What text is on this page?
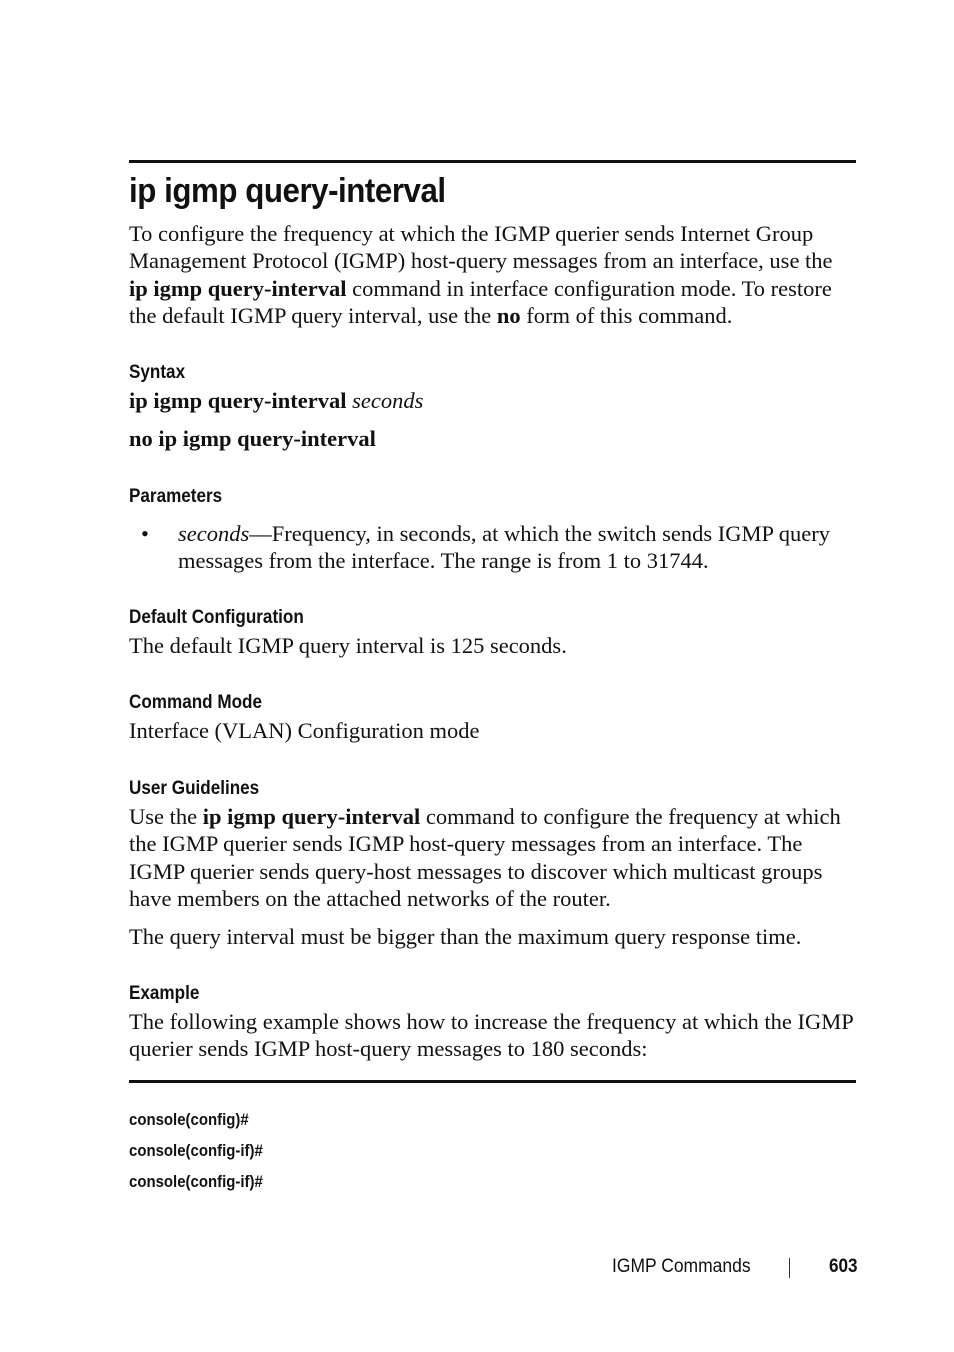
ip igmp query-interval

To configure the frequency at which the IGMP querier sends Internet Group Management Protocol (IGMP) host-query messages from an interface, use the ip igmp query-interval command in interface configuration mode. To restore the default IGMP query interval, use the no form of this command.

Syntax

ip igmp query-interval seconds

no ip igmp query-interval

Parameters
• seconds—Frequency, in seconds, at which the switch sends IGMP query messages from the interface. The range is from 1 to 31744.

Default Configuration

The default IGMP query interval is 125 seconds.

Command Mode

Interface (VLAN) Configuration mode

User Guidelines

Use the ip igmp query-interval command to configure the frequency at which the IGMP querier sends IGMP host-query messages from an interface. The IGMP querier sends query-host messages to discover which multicast groups have members on the attached networks of the router.

The query interval must be bigger than the maximum query response time.

Example

The following example shows how to increase the frequency at which the IGMP querier sends IGMP host-query messages to 180 seconds:

console(config)#
console(config-if)#
console(config-if)#
IGMP Commands	603
